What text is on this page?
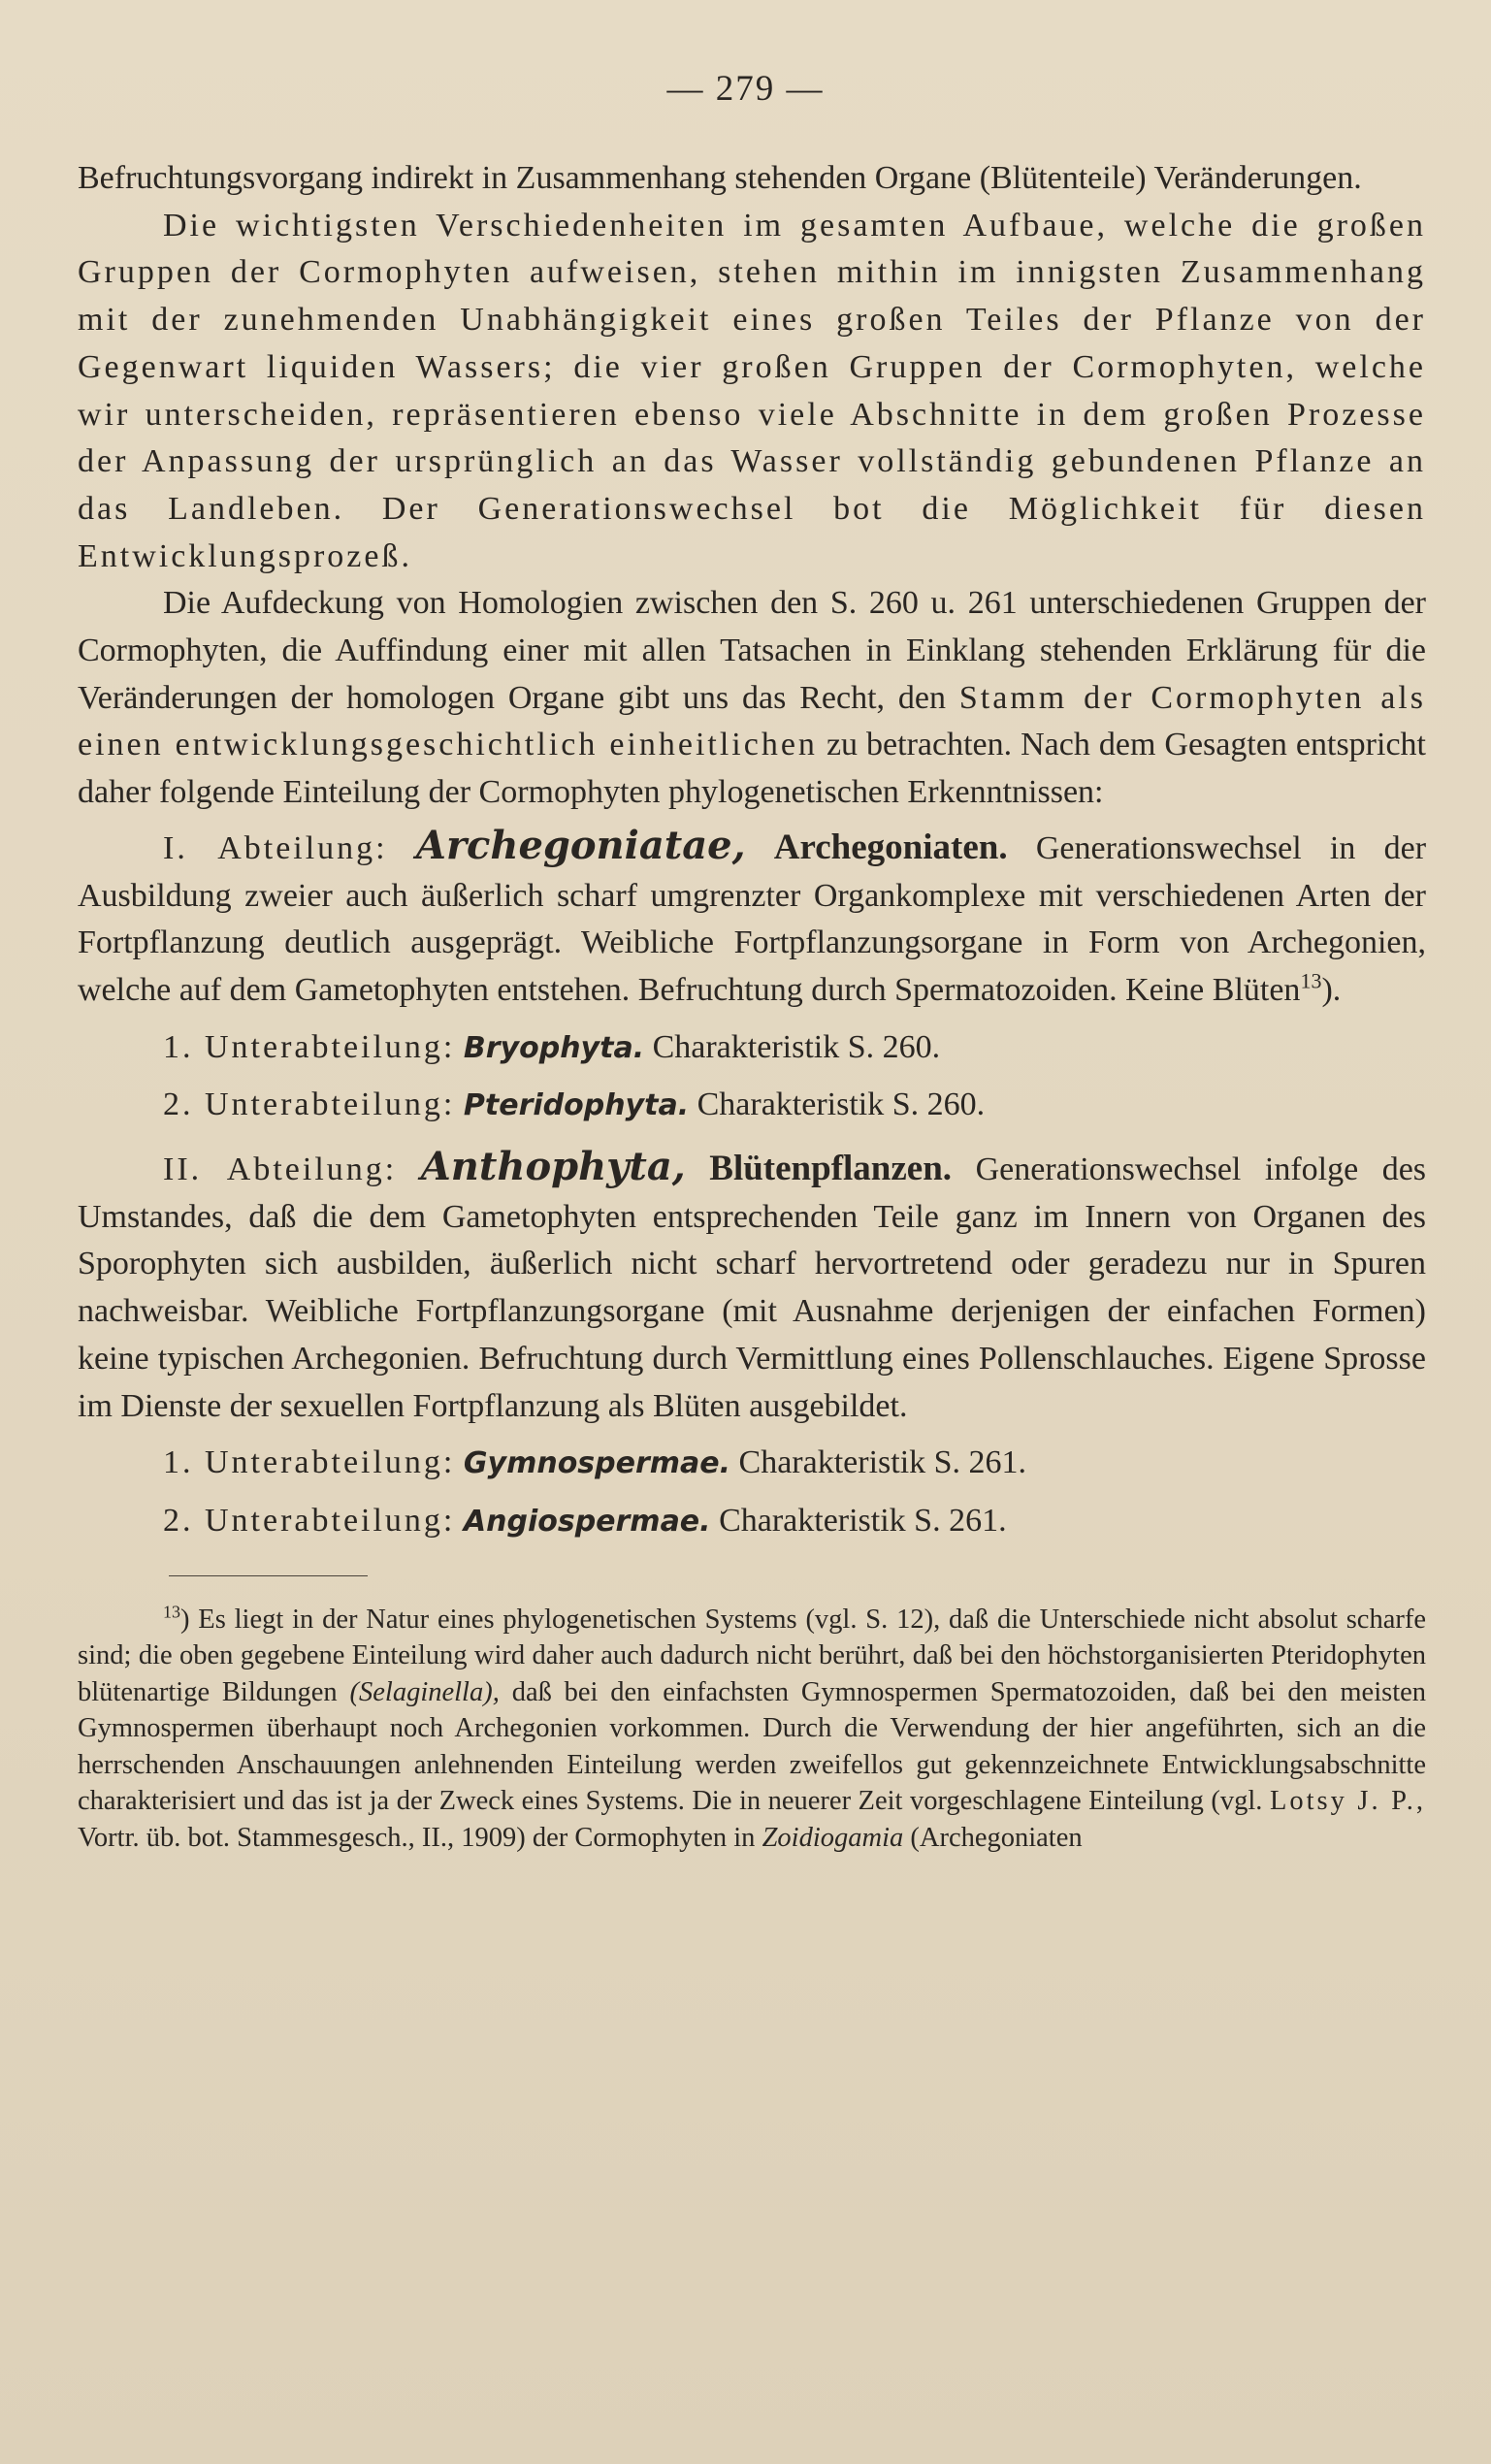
— 279 —

Befruchtungsvorgang indirekt in Zusammenhang stehenden Organe (Blütenteile) Veränderungen.

Die wichtigsten Verschiedenheiten im gesamten Aufbaue, welche die großen Gruppen der Cormophyten aufweisen, stehen mithin im innigsten Zusammenhang mit der zunehmenden Unabhängigkeit eines großen Teiles der Pflanze von der Gegenwart liquiden Wassers; die vier großen Gruppen der Cormophyten, welche wir unterscheiden, repräsentieren ebenso viele Abschnitte in dem großen Prozesse der Anpassung der ursprünglich an das Wasser vollständig gebundenen Pflanze an das Landleben. Der Generationswechsel bot die Möglichkeit für diesen Entwicklungsprozeß.

Die Aufdeckung von Homologien zwischen den S. 260 u. 261 unterschiedenen Gruppen der Cormophyten, die Auffindung einer mit allen Tatsachen in Einklang stehenden Erklärung für die Veränderungen der homologen Organe gibt uns das Recht, den Stamm der Cormophyten als einen entwicklungsgeschichtlich einheitlichen zu betrachten. Nach dem Gesagten entspricht daher folgende Einteilung der Cormophyten phylogenetischen Erkenntnissen:

I. Abteilung: Archegoniatae, Archegoniaten. Generationswechsel in der Ausbildung zweier auch äußerlich scharf umgrenzter Organkomplexe mit verschiedenen Arten der Fortpflanzung deutlich ausgeprägt. Weibliche Fortpflanzungsorgane in Form von Archegonien, welche auf dem Gametophyten entstehen. Befruchtung durch Spermatozoiden. Keine Blüten$^{13}$).

1. Unterabteilung: Bryophyta. Charakteristik S. 260.
2. Unterabteilung: Pteridophyta. Charakteristik S. 260.

II. Abteilung: Anthophyta, Blütenpflanzen. Generationswechsel infolge des Umstandes, daß die dem Gametophyten entsprechenden Teile ganz im Innern von Organen des Sporophyten sich ausbilden, äußerlich nicht scharf hervortretend oder geradezu nur in Spuren nachweisbar. Weibliche Fortpflanzungsorgane (mit Ausnahme derjenigen der einfachen Formen) keine typischen Archegonien. Befruchtung durch Vermittlung eines Pollenschlauches. Eigene Sprosse im Dienste der sexuellen Fortpflanzung als Blüten ausgebildet.

1. Unterabteilung: Gymnospermae. Charakteristik S. 261.
2. Unterabteilung: Angiospermae. Charakteristik S. 261.

$^{13}$) Es liegt in der Natur eines phylogenetischen Systems (vgl. S. 12), daß die Unterschiede nicht absolut scharfe sind; die oben gegebene Einteilung wird daher auch dadurch nicht berührt, daß bei den höchstorganisierten Pteridophyten blütenartige Bildungen (Selaginella), daß bei den einfachsten Gymnospermen Spermatozoiden, daß bei den meisten Gymnospermen überhaupt noch Archegonien vorkommen. Durch die Verwendung der hier angeführten, sich an die herrschenden Anschauungen anlehnenden Einteilung werden zweifellos gut gekennzeichnete Entwicklungsabschnitte charakterisiert und das ist ja der Zweck eines Systems. Die in neuerer Zeit vorgeschlagene Einteilung (vgl. Lotsy J. P., Vortr. üb. bot. Stammesgesch., II., 1909) der Cormophyten in Zoidiogamia (Archegoniaten
